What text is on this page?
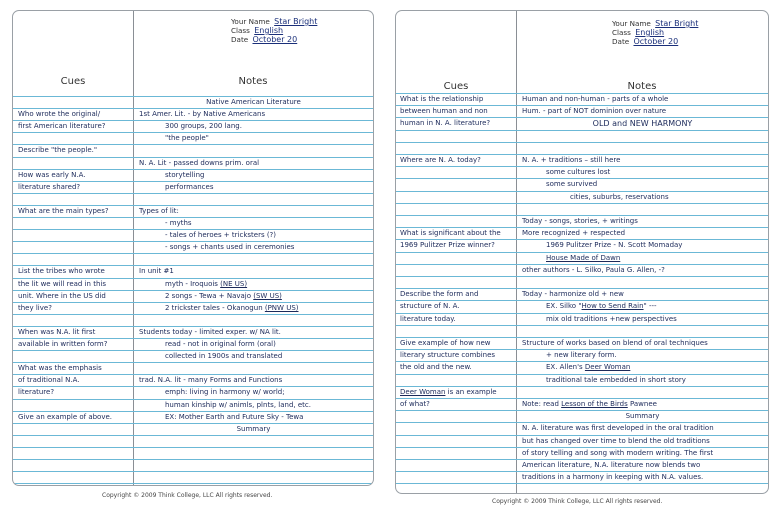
Your Name Star Bright
Class English
Date October 20
Cues	Notes
Who wrote the original/
first American literature?
Describe "the people."
How was early N.A.
literature shared?
What are the main types?
List the tribes who wrote
the lit we will read in this
unit. Where in the US did
they live?
When was N.A. lit first
available in written form?
What was the emphasis
of traditional N.A.
literature?
Give an example of above.
Native American Literature
1st Amer. Lit. - by Native Americans
300 groups, 200 lang.
"the people"
N. A. Lit - passed downs prim. oral
storytelling
performances
Types of lit:
- myths
- tales of heroes + tricksters (?)
- songs + chants used in ceremonies
In unit #1
myth - Iroquois (NE US)
2 songs - Tewa + Navajo (SW US)
2 trickster tales - Okanogun (PNW US)
Students today - limited exper. w/ NA lit.
read - not in original form (oral)
collected in 1900s and translated
trad. N.A. lit - many Forms and Functions
emph: living in harmony w/ world;
human kinship w/ animls, plnts, land, etc.
EX: Mother Earth and Future Sky - Tewa
Summary
Copyright © 2009 Think College, LLC All rights reserved.
Your Name Star Bright
Class English
Date October 20
Cues	Notes
What is the relationship
between human and non
human in N. A. literature?
Where are N. A. today?
What is significant about the
1969 Pulitzer Prize winner?
Describe the form and
structure of N. A.
literature today.
Give example of how new
literary structure combines
the old and the new.
Deer Woman is an example
of what?
Human and non-human - parts of a whole
Hum. - part of NOT dominion over nature
OLD and NEW HARMONY
N. A. + traditions – still here
some cultures lost
some survived
cities, suburbs, reservations
Today - songs, stories, + writings
More recognized + respected
1969 Pulitzer Prize - N. Scott Momaday
House Made of Dawn
other authors - L. Silko, Paula G. Allen, -?
Today - harmonize old + new
EX. Silko "How to Send Rain" ---
mix old traditions +new perspectives
Structure of works based on blend of oral techniques
+ new literary form.
EX. Allen's Deer Woman
traditional tale embedded in short story
Note: read Lesson of the Birds Pawnee
Summary
N. A. literature was first developed in the oral tradition
but has changed over time to blend the old traditions
of story telling and song with modern writing. The first
American literature, N.A. literature now blends two
traditions in a harmony in keeping with N.A. values.
Copyright © 2009 Think College, LLC All rights reserved.
